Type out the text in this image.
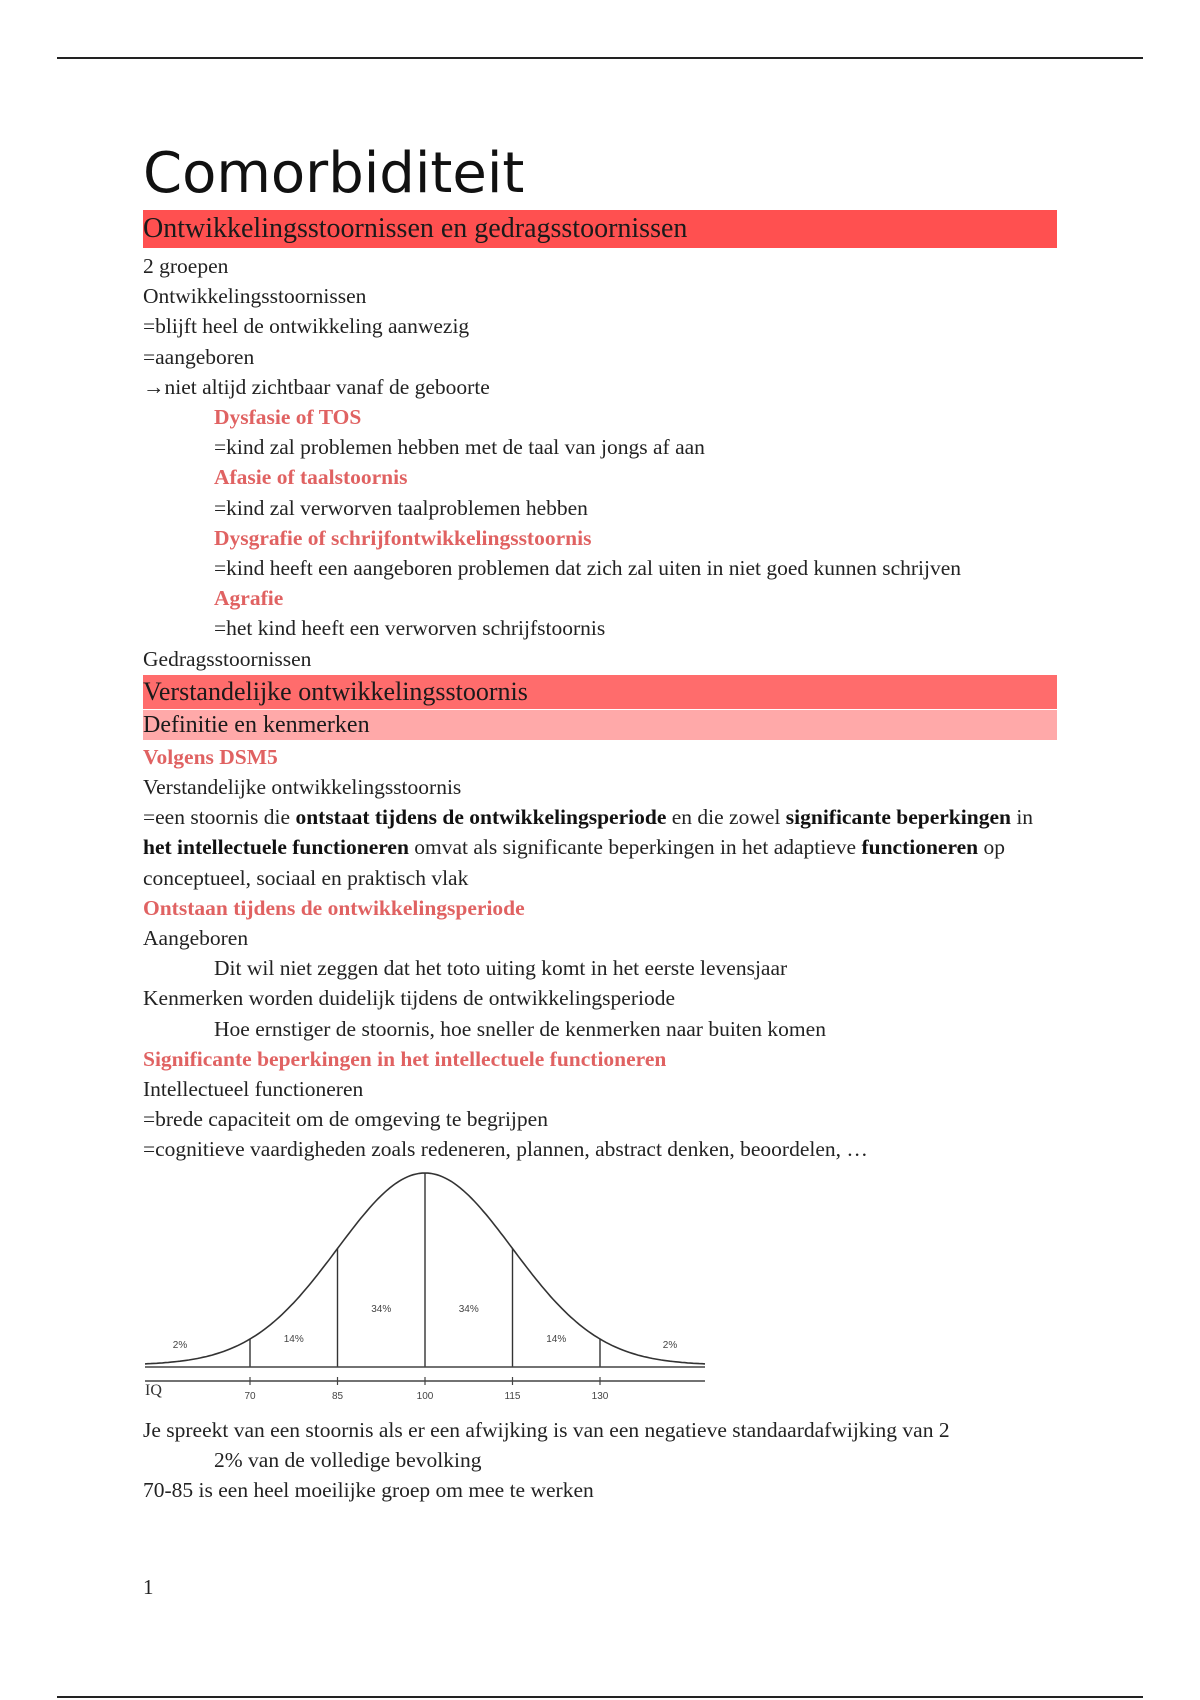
Comorbiditeit
Ontwikkelingsstoornissen en gedragsstoornissen
2 groepen
Ontwikkelingsstoornissen
=blijft heel de ontwikkeling aanwezig
=aangeboren
→niet altijd zichtbaar vanaf de geboorte
Dysfasie of TOS
=kind zal problemen hebben met de taal van jongs af aan
Afasie of taalstoornis
=kind zal verworven taalproblemen hebben
Dysgrafie of schrijfontwikkelingsstoornis
=kind heeft een aangeboren problemen dat zich zal uiten in niet goed kunnen schrijven
Agrafie
=het kind heeft een verworven schrijfstoornis
Gedragsstoornissen
Verstandelijke ontwikkelingsstoornis
Definitie en kenmerken
Volgens DSM5
Verstandelijke ontwikkelingsstoornis
=een stoornis die ontstaat tijdens de ontwikkelingsperiode en die zowel significante beperkingen in het intellectuele functioneren omvat als significante beperkingen in het adaptieve functioneren op conceptueel, sociaal en praktisch vlak
Ontstaan tijdens de ontwikkelingsperiode
Aangeboren
Dit wil niet zeggen dat het toto uiting komt in het eerste levensjaar
Kenmerken worden duidelijk tijdens de ontwikkelingsperiode
Hoe ernstiger de stoornis, hoe sneller de kenmerken naar buiten komen
Significante beperkingen in het intellectuele functioneren
Intellectueel functioneren
=brede capaciteit om de omgeving te begrijpen
=cognitieve vaardigheden zoals redeneren, plannen, abstract denken, beoordelen, …
2%
14%
34%	34%
14%
2%
70	85	100	115	130
IQ
Je spreekt van een stoornis als er een afwijking is van een negatieve standaardafwijking van 2
2% van de volledige bevolking
70-85 is een heel moeilijke groep om mee te werken
1
